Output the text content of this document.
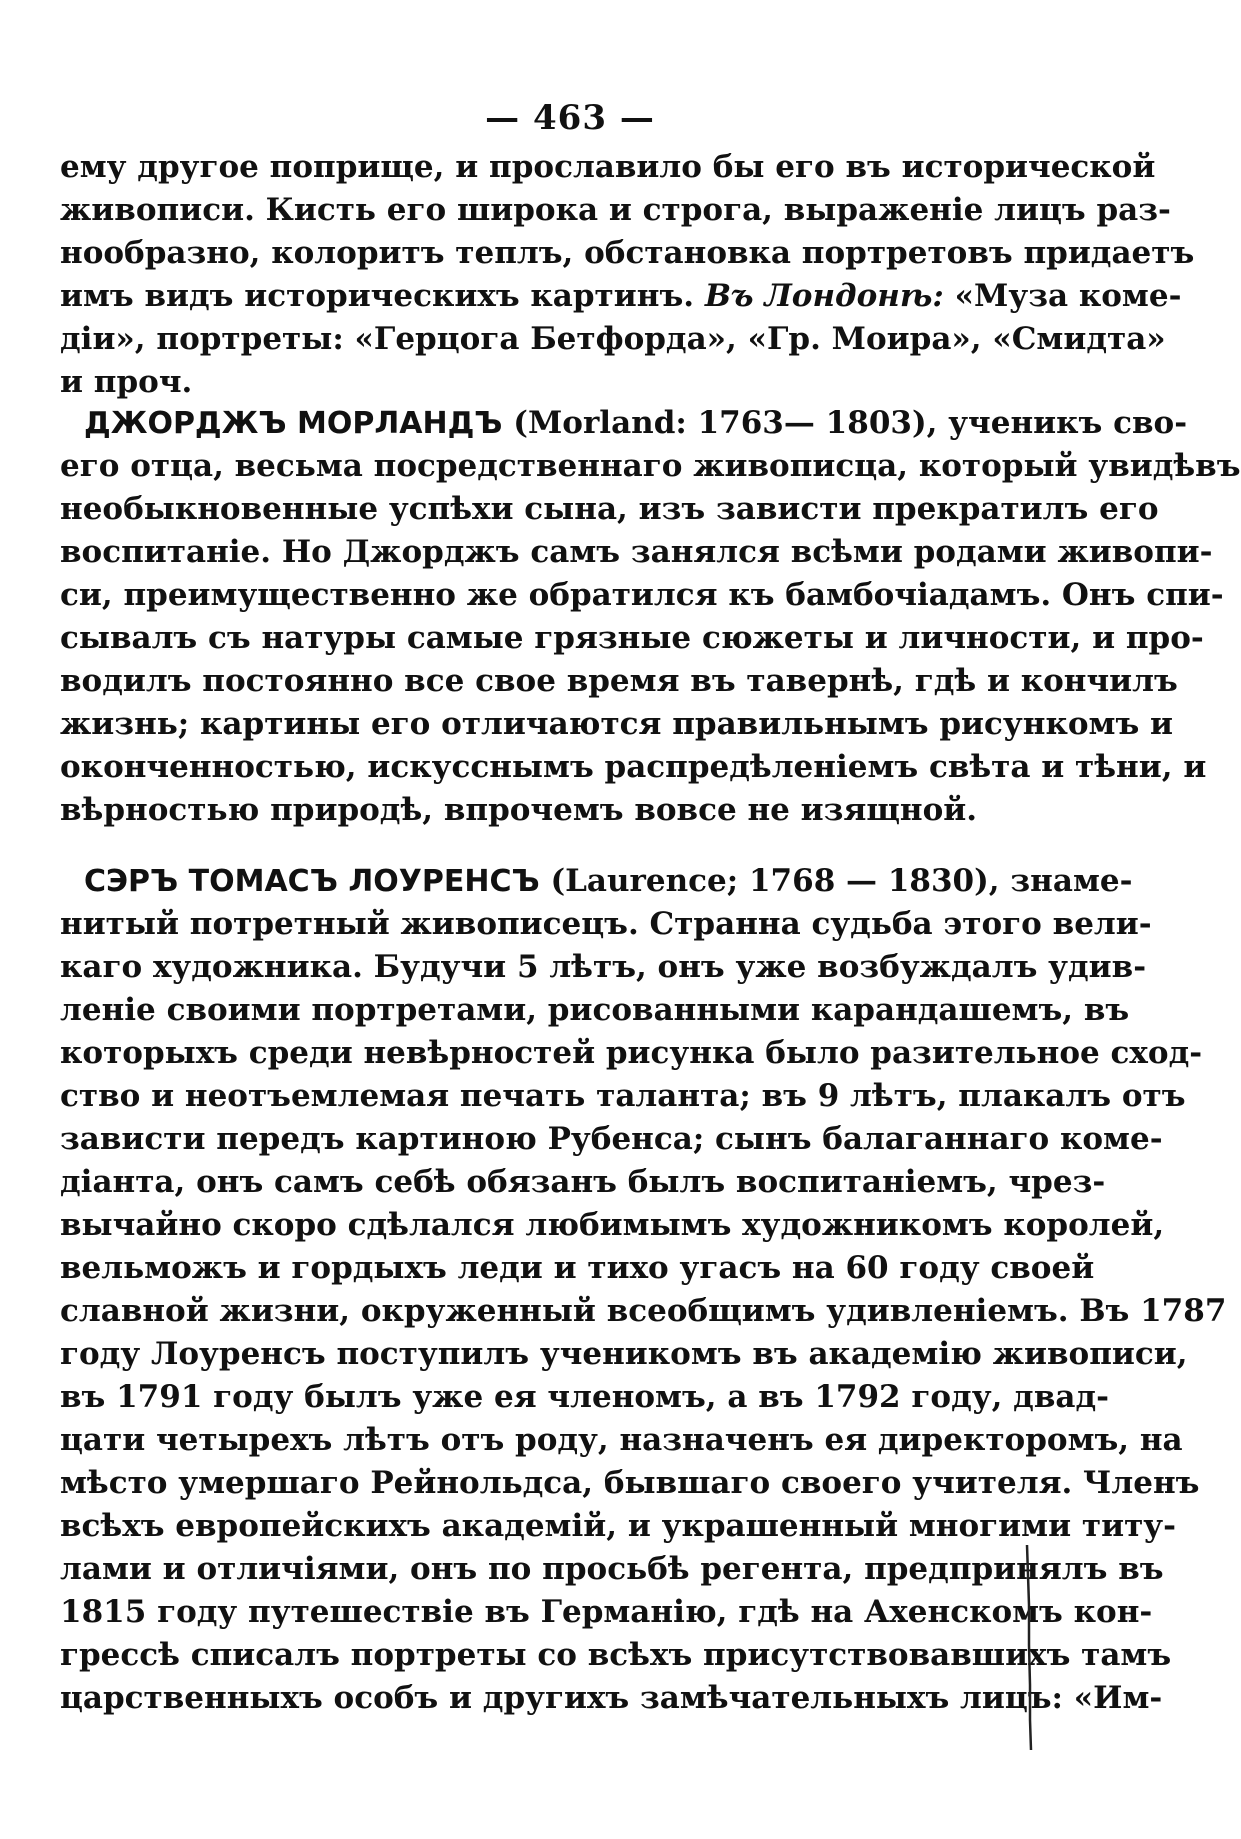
— 463 —
ему другое поприще, и прославило бы его въ исторической
живописи. Кисть его широка и строга, выраженіе лицъ раз-
нообразно, колоритъ теплъ, обстановка портретовъ придаетъ
имъ видъ историческихъ картинъ. Въ Лондонѣ: «Муза коме-
діи», портреты: «Герцога Бетфорда», «Гр. Моира», «Смидта»
и проч.
ДЖОРДЖЪ МОРЛАНДЪ (Morland: 1763— 1803), ученикъ сво-
его отца, весьма посредственнаго живописца, который увидѣвъ
необыкновенные успѣхи сына, изъ зависти прекратилъ его
воспитаніе. Но Джорджъ самъ занялся всѣми родами живопи-
си, преимущественно же обратился къ бамбочіадамъ. Онъ спи-
сывалъ съ натуры самые грязные сюжеты и личности, и про-
водилъ постоянно все свое время въ тавернѣ, гдѣ и кончилъ
жизнь; картины его отличаются правильнымъ рисункомъ и
оконченностью, искусснымъ распредѣленіемъ свѣта и тѣни, и
вѣрностью природѣ, впрочемъ вовсе не изящной.
СЭРЪ ТОМАСЪ ЛОУРЕНСЪ (Laurence; 1768 — 1830), знаме-
нитый потретный живописецъ. Странна судьба этого вели-
каго художника. Будучи 5 лѣтъ, онъ уже возбуждалъ удив-
леніе своими портретами, рисованными карандашемъ, въ
которыхъ среди невѣрностей рисунка было разительное сход-
ство и неотъемлемая печать таланта; въ 9 лѣтъ, плакалъ отъ
зависти передъ картиною Рубенса; сынъ балаганнаго коме-
діанта, онъ самъ себѣ обязанъ былъ воспитаніемъ, чрез-
вычайно скоро сдѣлался любимымъ художникомъ королей,
вельможъ и гордыхъ леди и тихо угасъ на 60 году своей
славной жизни, окруженный всеобщимъ удивленіемъ. Въ 1787
году Лоуренсъ поступилъ ученикомъ въ академію живописи,
въ 1791 году былъ уже ея членомъ, а въ 1792 году, двад-
цати четырехъ лѣтъ отъ роду, назначенъ ея директоромъ, на
мѣсто умершаго Рейнольдса, бывшаго своего учителя. Членъ
всѣхъ европейскихъ академій, и украшенный многими титу-
лами и отличіями, онъ по просьбѣ регента, предпринялъ въ
1815 году путешествіе въ Германію, гдѣ на Ахенскомъ кон-
грессѣ списалъ портреты со всѣхъ присутствовавшихъ тамъ
царственныхъ особъ и другихъ замѣчательныхъ лицъ: «Им-
